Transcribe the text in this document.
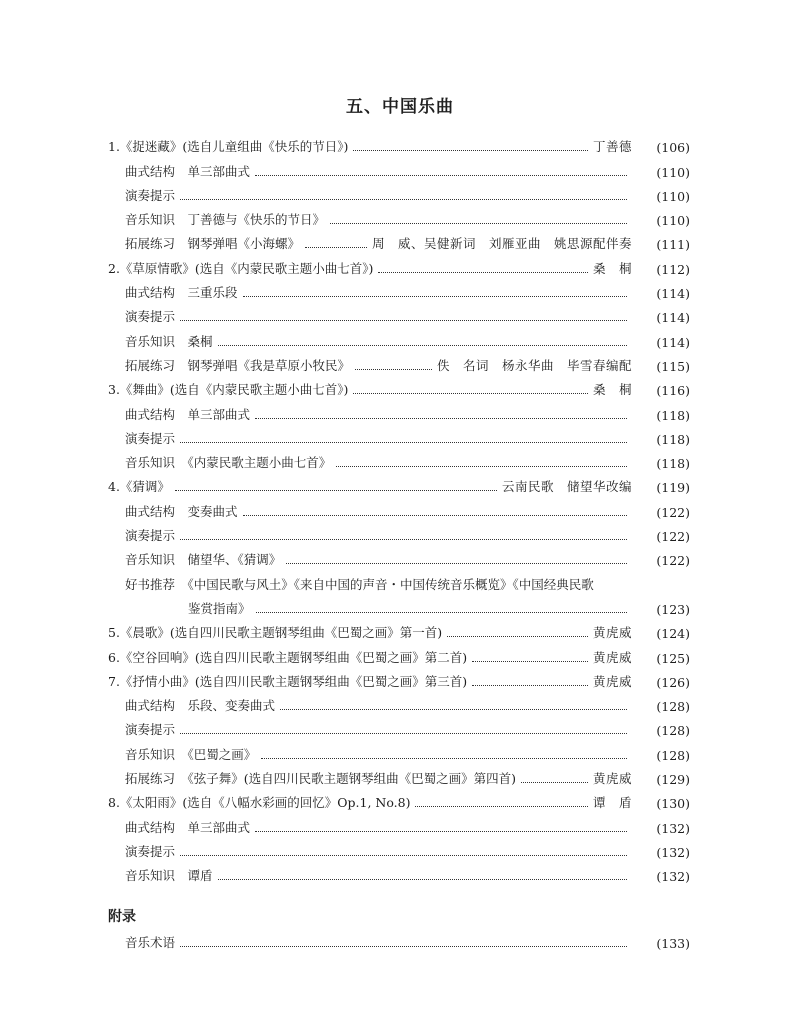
五、中国乐曲
1.《捉迷藏》(选自儿童组曲《快乐的节日》)	丁善德	(106)
曲式结构　单三部曲式	(110)
演奏提示	(110)
音乐知识　丁善德与《快乐的节日》	(110)
拓展练习　钢琴弹唱《小海螺》	周　威、吴健新词　刘雁亚曲　姚思源配伴奏	(111)
2.《草原情歌》(选自《内蒙民歌主题小曲七首》)	桑　桐	(112)
曲式结构　三重乐段	(114)
演奏提示	(114)
音乐知识　桑桐	(114)
拓展练习　钢琴弹唱《我是草原小牧民》	佚　名词　杨永华曲　毕雪春编配	(115)
3.《舞曲》(选自《内蒙民歌主题小曲七首》)	桑　桐	(116)
曲式结构　单三部曲式	(118)
演奏提示	(118)
音乐知识　《内蒙民歌主题小曲七首》	(118)
4.《猜调》	云南民歌　储望华改编	(119)
曲式结构　变奏曲式	(122)
演奏提示	(122)
音乐知识　储望华、《猜调》	(122)
好书推荐　《中国民歌与风土》《来自中国的声音・中国传统音乐概览》《中国经典民歌
鉴赏指南》	(123)
5.《晨歌》(选自四川民歌主题钢琴组曲《巴蜀之画》第一首)	黄虎威	(124)
6.《空谷回响》(选自四川民歌主题钢琴组曲《巴蜀之画》第二首)	黄虎威	(125)
7.《抒情小曲》(选自四川民歌主题钢琴组曲《巴蜀之画》第三首)	黄虎威	(126)
曲式结构　乐段、变奏曲式	(128)
演奏提示	(128)
音乐知识　《巴蜀之画》	(128)
拓展练习　《弦子舞》(选自四川民歌主题钢琴组曲《巴蜀之画》第四首)	黄虎威	(129)
8.《太阳雨》(选自《八幅水彩画的回忆》Op.1, No.8)	谭　盾	(130)
曲式结构　单三部曲式	(132)
演奏提示	(132)
音乐知识　谭盾	(132)
附录
音乐术语	(133)
